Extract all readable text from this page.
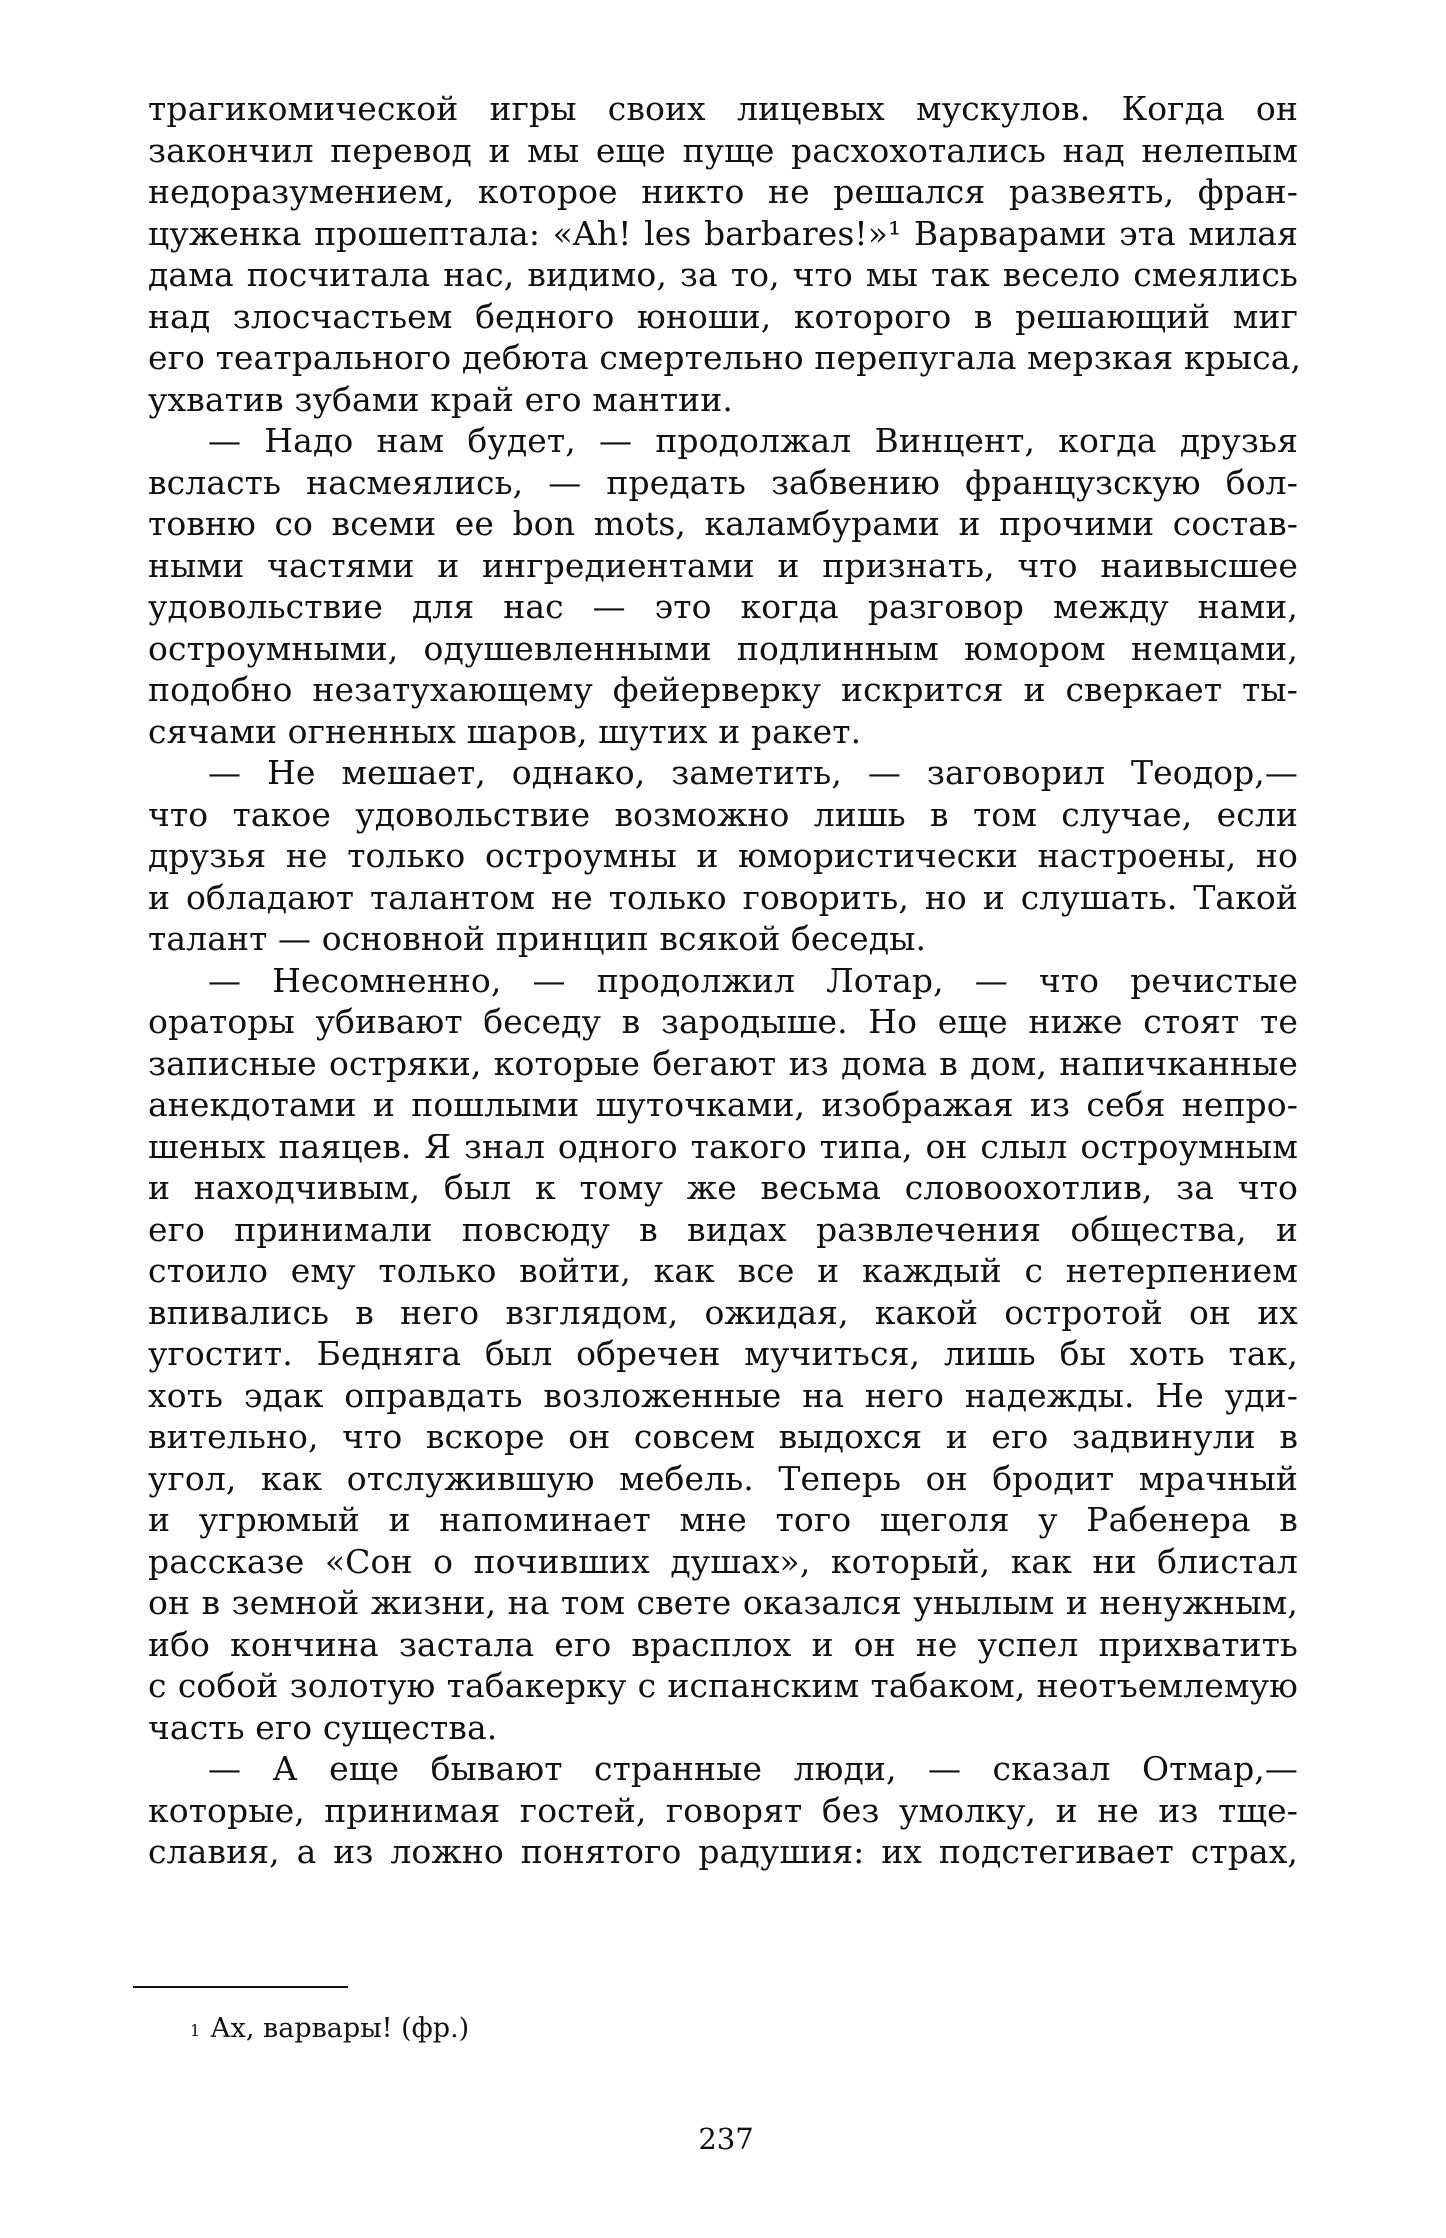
трагикомической игры своих лицевых мускулов. Когда он
закончил перевод и мы еще пуще расхохотались над нелепым
недоразумением, которое никто не решался развеять, фран-
цуженка прошептала: «Ah! les barbares!»¹ Варварами эта милая
дама посчитала нас, видимо, за то, что мы так весело смеялись
над злосчастьем бедного юноши, которого в решающий миг
его театрального дебюта смертельно перепугала мерзкая крыса,
ухватив зубами край его мантии.
— Надо нам будет, — продолжал Винцент, когда друзья
всласть насмеялись, — предать забвению французскую бол-
товню со всеми ее bon mots, каламбурами и прочими состав-
ными частями и ингредиентами и признать, что наивысшее
удовольствие для нас — это когда разговор между нами,
остроумными, одушевленными подлинным юмором немцами,
подобно незатухающему фейерверку искрится и сверкает ты-
сячами огненных шаров, шутих и ракет.
— Не мешает, однако, заметить, — заговорил Теодор,—
что такое удовольствие возможно лишь в том случае, если
друзья не только остроумны и юмористически настроены, но
и обладают талантом не только говорить, но и слушать. Такой
талант — основной принцип всякой беседы.
— Несомненно, — продолжил Лотар, — что речистые
ораторы убивают беседу в зародыше. Но еще ниже стоят те
записные остряки, которые бегают из дома в дом, напичканные
анекдотами и пошлыми шуточками, изображая из себя непро-
шеных паяцев. Я знал одного такого типа, он слыл остроумным
и находчивым, был к тому же весьма словоохотлив, за что
его принимали повсюду в видах развлечения общества, и
стоило ему только войти, как все и каждый с нетерпением
впивались в него взглядом, ожидая, какой остротой он их
угостит. Бедняга был обречен мучиться, лишь бы хоть так,
хоть эдак оправдать возложенные на него надежды. Не уди-
вительно, что вскоре он совсем выдохся и его задвинули в
угол, как отслужившую мебель. Теперь он бродит мрачный
и угрюмый и напоминает мне того щеголя у Рабенера в
рассказе «Сон о почивших душах», который, как ни блистал
он в земной жизни, на том свете оказался унылым и ненужным,
ибо кончина застала его врасплох и он не успел прихватить
с собой золотую табакерку с испанским табаком, неотъемлемую
часть его существа.
— А еще бывают странные люди, — сказал Отмар,—
которые, принимая гостей, говорят без умолку, и не из тще-
славия, а из ложно понятого радушия: их подстегивает страх,
$^1$ Ах, варвары! (фр.)
237
